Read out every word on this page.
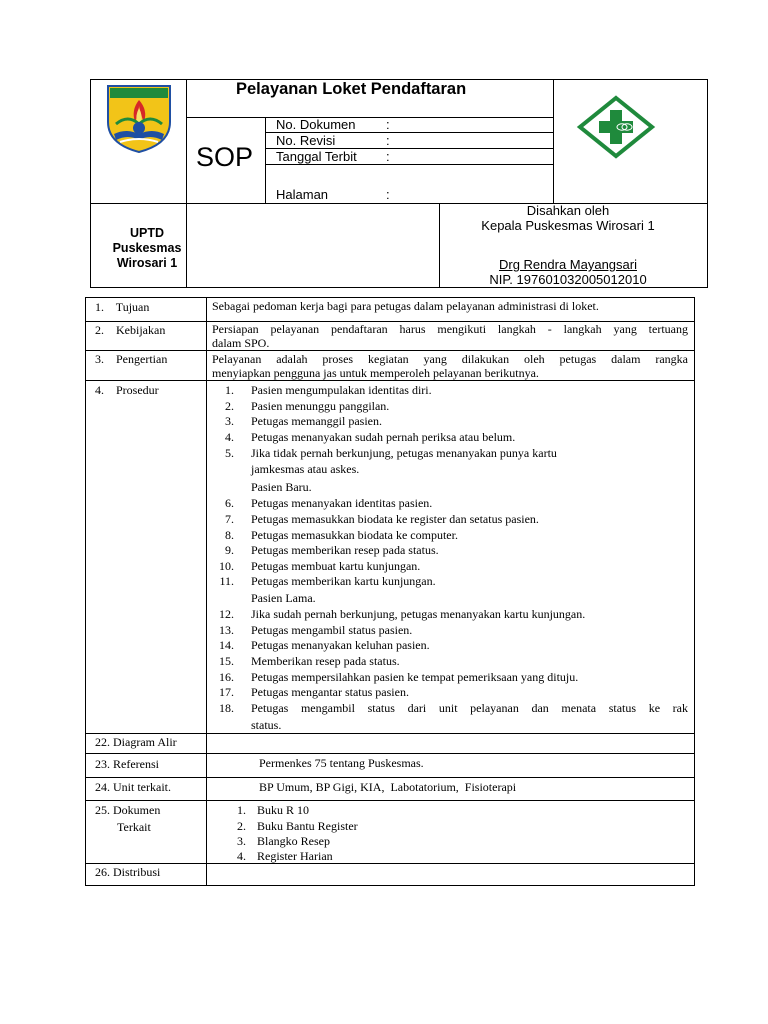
Pelayanan Loket Pendaftaran
SOP
No. Dokumen :
No. Revisi	:
Tanggal Terbit :
Halaman	:
UPTD
Puskesmas
Wirosari 1
Disahkan oleh
Kepala Puskesmas Wirosari 1
Drg Rendra Mayangsari
NIP. 197601032005012010
1.    Tujuan	Sebagai pedoman kerja bagi para petugas dalam pelayanan administrasi di loket.
2.    Kebijakan	Persiapan pelayanan pendaftaran harus mengikuti langkah - langkah yang tertuang
dalam SPO.
3.    Pengertian	Pelayanan adalah proses kegiatan yang dilakukan oleh petugas dalam rangka
menyiapkan pengguna jas untuk memperoleh pelayanan berikutnya.
4.    Prosedur	1. Pasien mengumpulakan identitas diri.
2. Pasien menunggu panggilan.
3. Petugas memanggil pasien.
4. Petugas menanyakan sudah pernah periksa atau belum.
5. Jika tidak pernah berkunjung, petugas menanyakan punya kartu
jamkesmas atau askes.
Pasien Baru.
6. Petugas menanyakan identitas pasien.
7. Petugas memasukkan biodata ke register dan setatus pasien.
8. Petugas memasukkan biodata ke computer.
9. Petugas memberikan resep pada status.
10. Petugas membuat kartu kunjungan.
11. Petugas memberikan kartu kunjungan.
Pasien Lama.
12. Jika sudah pernah berkunjung, petugas menanyakan kartu kunjungan.
13. Petugas mengambil status pasien.
14. Petugas menanyakan keluhan pasien.
15. Memberikan resep pada status.
16. Petugas mempersilahkan pasien ke tempat pemeriksaan yang dituju.
17. Petugas mengantar status pasien.
18. Petugas mengambil status dari unit pelayanan dan menata status ke rak
status.
22. Diagram Alir
23. Referensi	Permenkes 75 tentang Puskesmas.
24. Unit terkait.	BP Umum, BP Gigi, KIA,  Labotatorium,  Fisioterapi
25. Dokumen
Terkait
1. Buku R 10
2. Buku Bantu Register
3. Blangko Resep
4. Register Harian
26. Distribusi
